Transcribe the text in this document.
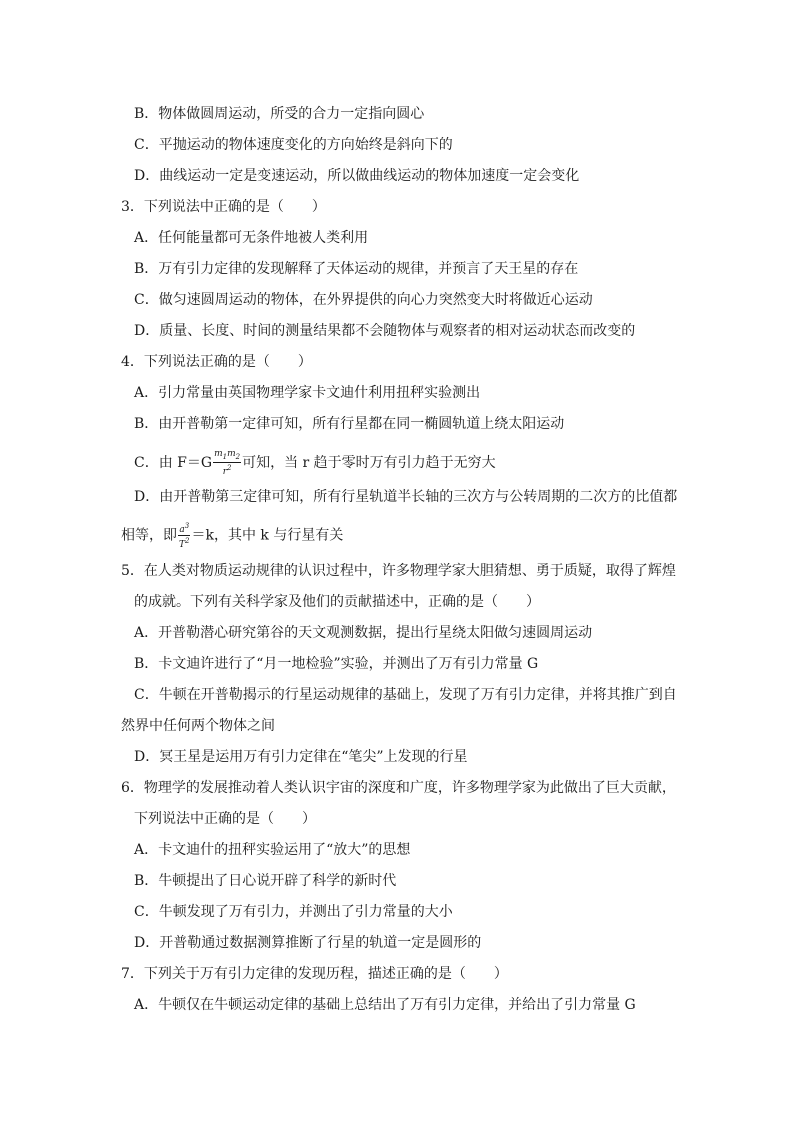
B．物体做圆周运动，所受的合力一定指向圆心
C．平抛运动的物体速度变化的方向始终是斜向下的
D．曲线运动一定是变速运动，所以做曲线运动的物体加速度一定会变化
3．下列说法中正确的是（　　）
A．任何能量都可无条件地被人类利用
B．万有引力定律的发现解释了天体运动的规律，并预言了天王星的存在
C．做匀速圆周运动的物体，在外界提供的向心力突然变大时将做近心运动
D．质量、长度、时间的测量结果都不会随物体与观察者的相对运动状态而改变的
4．下列说法正确的是（　　）
A．引力常量由英国物理学家卡文迪什利用扭秤实验测出
B．由开普勒第一定律可知，所有行星都在同一椭圆轨道上绕太阳运动
C．由 $F=G \frac{m_1m_2}{r^2}$ 可知，当 r 趋于零时万有引力趋于无穷大
D．由开普勒第三定律可知，所有行星轨道半长轴的三次方与公转周期的二次方的比值都
相等，即 $\frac{a^3}{T^2} =k$，其中 k 与行星有关
5．在人类对物质运动规律的认识过程中，许多物理学家大胆猜想、勇于质疑，取得了辉煌
的成就。下列有关科学家及他们的贡献描述中，正确的是（　　）
A．开普勒潜心研究第谷的天文观测数据，提出行星绕太阳做匀速圆周运动
B．卡文迪许进行了“月一地检验”实验，并测出了万有引力常量 G
C．牛顿在开普勒揭示的行星运动规律的基础上，发现了万有引力定律，并将其推广到自
然界中任何两个物体之间
D．冥王星是运用万有引力定律在“笔尖”上发现的行星
6．物理学的发展推动着人类认识宇宙的深度和广度，许多物理学家为此做出了巨大贡献，
下列说法中正确的是（　　）
A．卡文迪什的扭秤实验运用了“放大”的思想
B．牛顿提出了日心说开辟了科学的新时代
C．牛顿发现了万有引力，并测出了引力常量的大小
D．开普勒通过数据测算推断了行星的轨道一定是圆形的
7．下列关于万有引力定律的发现历程，描述正确的是（　　）
A．牛顿仅在牛顿运动定律的基础上总结出了万有引力定律，并给出了引力常量 G
